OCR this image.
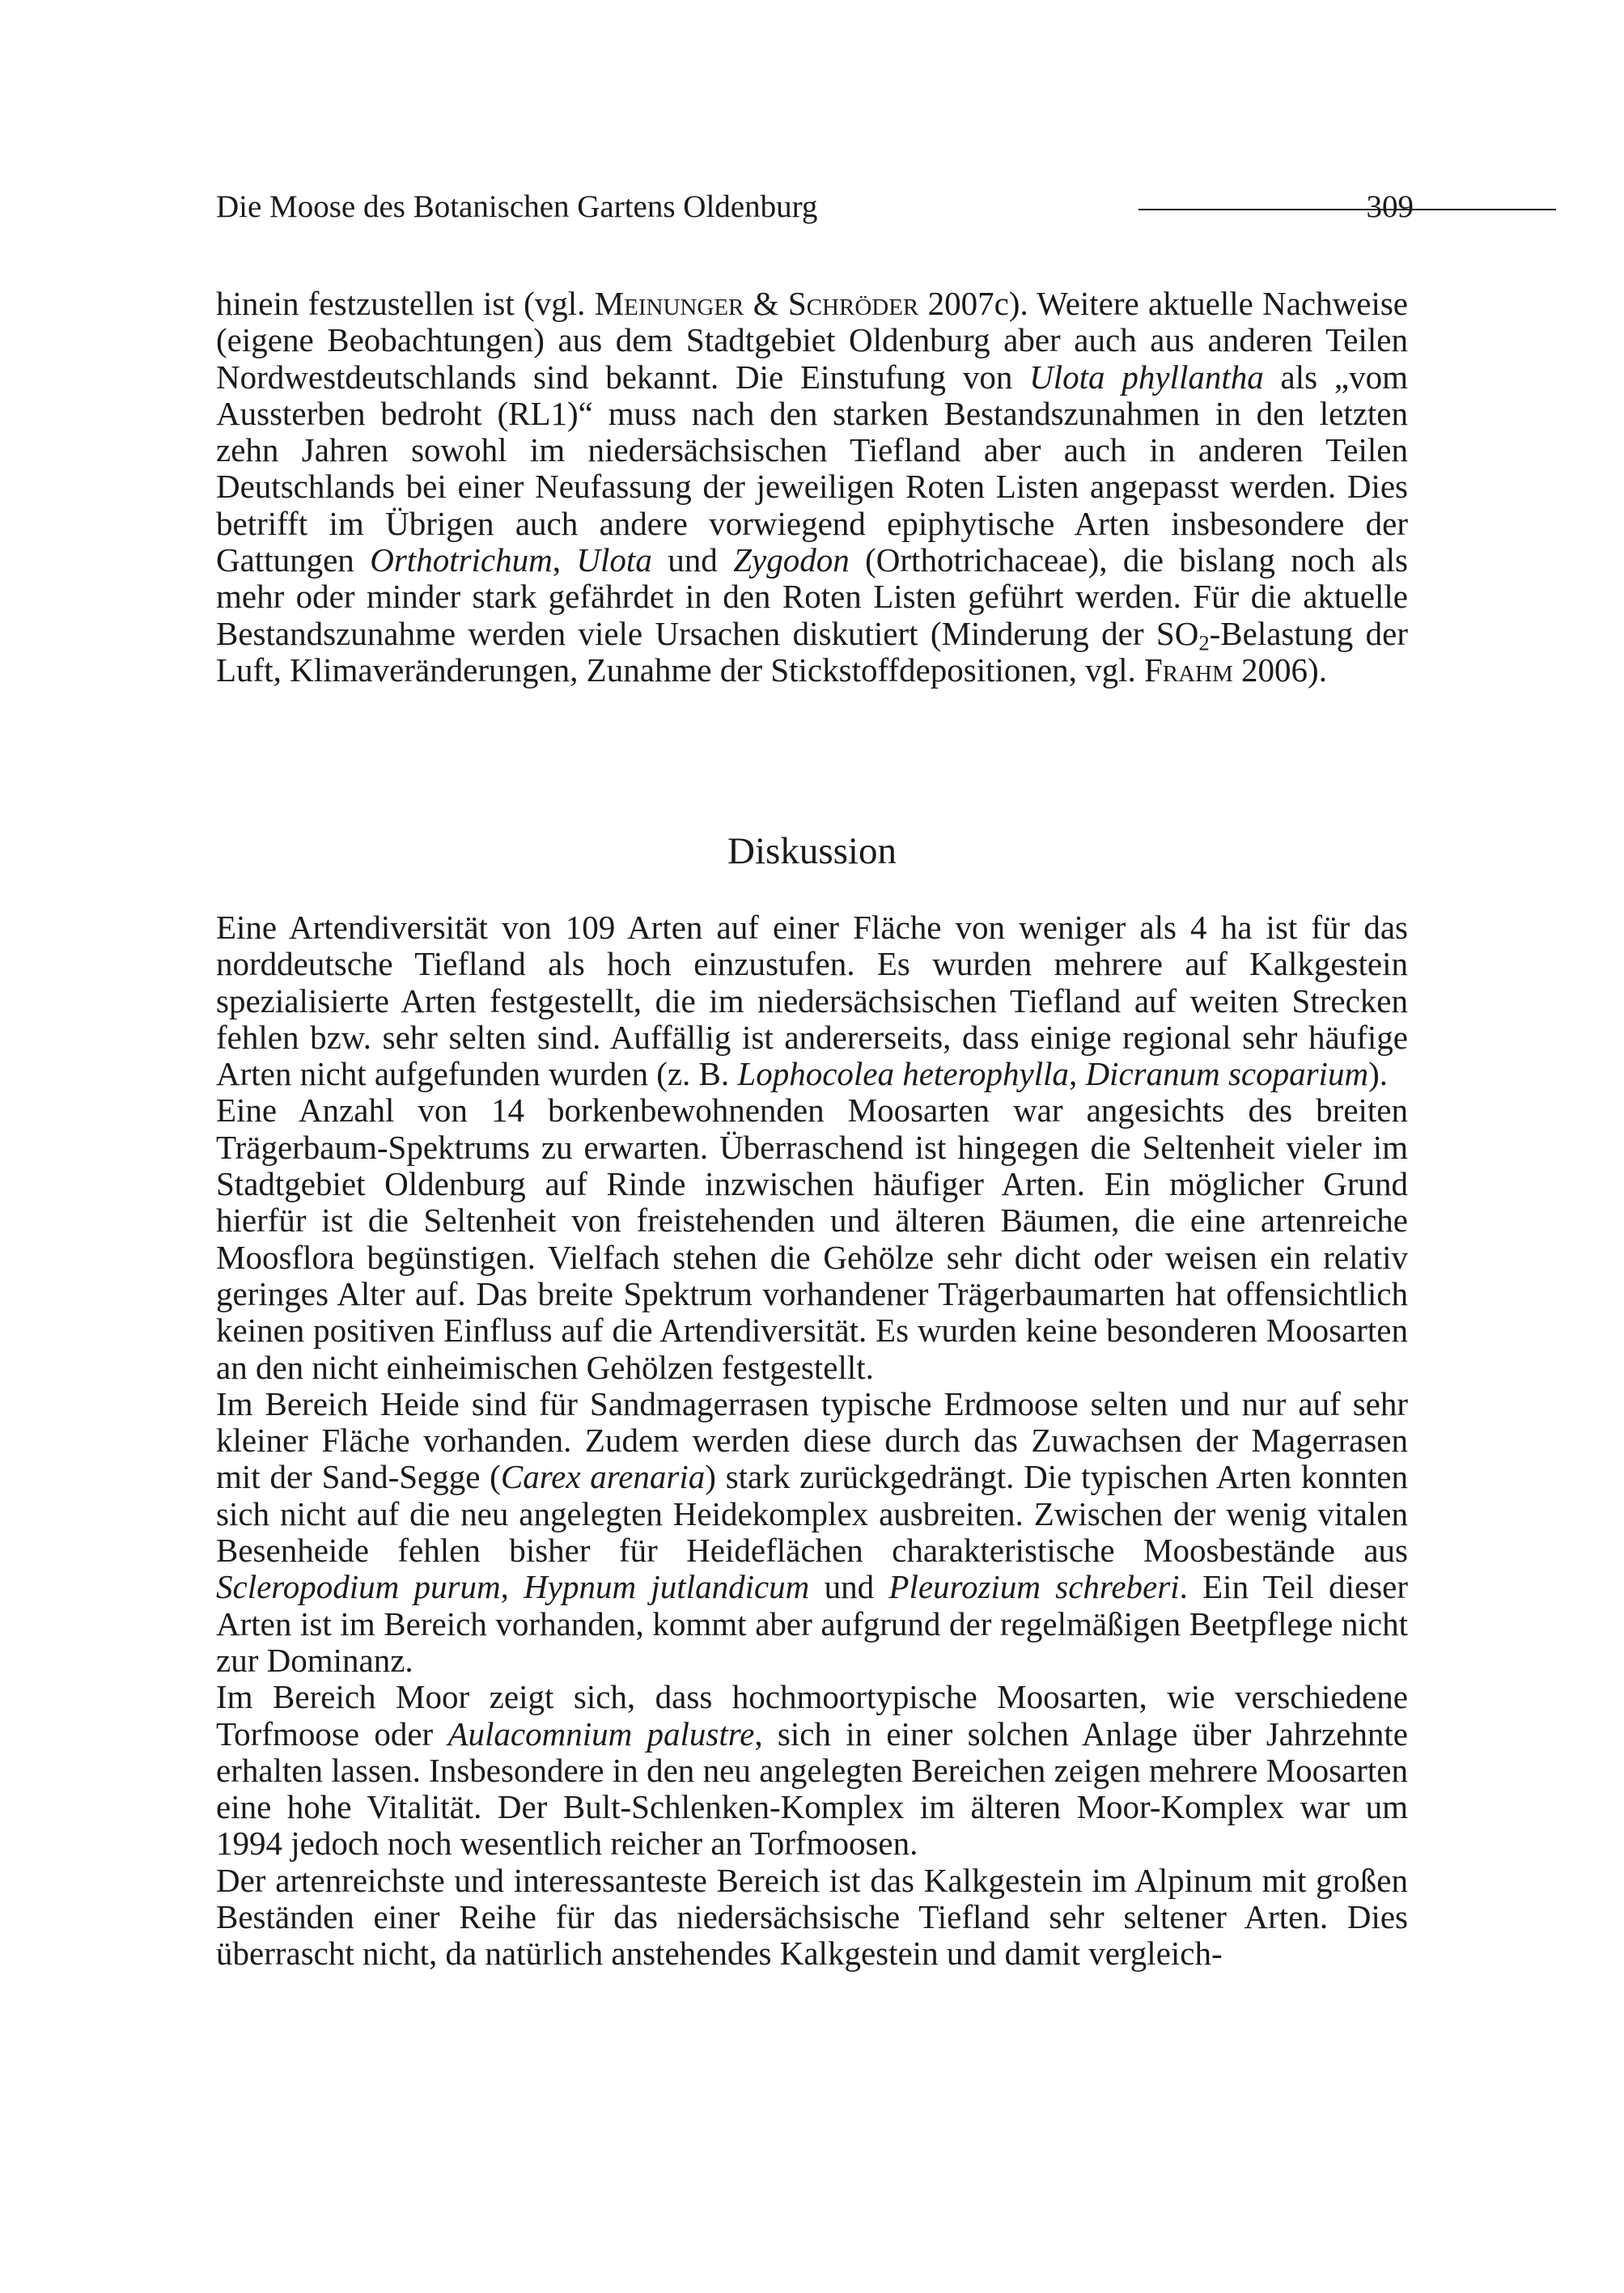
Die Moose des Botanischen Gartens Oldenburg	309

hinein festzustellen ist (vgl. Meinunger & Schröder 2007c). Weitere aktuelle Nachweise (eigene Beobachtungen) aus dem Stadtgebiet Oldenburg aber auch aus anderen Teilen Nordwestdeutschlands sind bekannt. Die Einstufung von Ulota phyllantha als „vom Aussterben bedroht (RL1)“ muss nach den starken Bestandszunahmen in den letzten zehn Jahren sowohl im niedersächsischen Tiefland aber auch in anderen Teilen Deutschlands bei einer Neufassung der jeweiligen Roten Listen angepasst werden. Dies betrifft im Übrigen auch andere vorwiegend epiphytische Arten insbesondere der Gattungen Orthotrichum, Ulota und Zygodon (Orthotrichaceae), die bislang noch als mehr oder minder stark gefährdet in den Roten Listen geführt werden. Für die aktuelle Bestandszunahme werden viele Ursachen diskutiert (Minderung der $SO_2$-Belastung der Luft, Klimaveränderungen, Zunahme der Stickstoffdepositionen, vgl. Frahm 2006).

Diskussion

Eine Artendiversität von 109 Arten auf einer Fläche von weniger als 4 ha ist für das norddeutsche Tiefland als hoch einzustufen. Es wurden mehrere auf Kalkgestein spezialisierte Arten festgestellt, die im niedersächsischen Tiefland auf weiten Strecken fehlen bzw. sehr selten sind. Auffällig ist andererseits, dass einige regional sehr häufige Arten nicht aufgefunden wurden (z. B. Lophocolea heterophylla, Dicranum scoparium).

Eine Anzahl von 14 borkenbewohnenden Moosarten war angesichts des breiten Trägerbaum-Spektrums zu erwarten. Überraschend ist hingegen die Seltenheit vieler im Stadtgebiet Oldenburg auf Rinde inzwischen häufiger Arten. Ein möglicher Grund hierfür ist die Seltenheit von freistehenden und älteren Bäumen, die eine artenreiche Moosflora begünstigen. Vielfach stehen die Gehölze sehr dicht oder weisen ein relativ geringes Alter auf. Das breite Spektrum vorhandener Trägerbaumarten hat offensichtlich keinen positiven Einfluss auf die Artendiversität. Es wurden keine besonderen Moosarten an den nicht einheimischen Gehölzen festgestellt.

Im Bereich Heide sind für Sandmagerrasen typische Erdmoose selten und nur auf sehr kleiner Fläche vorhanden. Zudem werden diese durch das Zuwachsen der Magerrasen mit der Sand-Segge (Carex arenaria) stark zurückgedrängt. Die typischen Arten konnten sich nicht auf die neu angelegten Heidekomplex ausbreiten. Zwischen der wenig vitalen Besenheide fehlen bisher für Heideflächen charakteristische Moosbestände aus Scleropodium purum, Hypnum jutlandicum und Pleurozium schreberi. Ein Teil dieser Arten ist im Bereich vorhanden, kommt aber aufgrund der regelmäßigen Beetpflege nicht zur Dominanz.

Im Bereich Moor zeigt sich, dass hochmoortypische Moosarten, wie verschiedene Torfmoose oder Aulacomnium palustre, sich in einer solchen Anlage über Jahrzehnte erhalten lassen. Insbesondere in den neu angelegten Bereichen zeigen mehrere Moosarten eine hohe Vitalität. Der Bult-Schlenken-Komplex im älteren Moor-Komplex war um 1994 jedoch noch wesentlich reicher an Torfmoosen.

Der artenreichste und interessanteste Bereich ist das Kalkgestein im Alpinum mit großen Beständen einer Reihe für das niedersächsische Tiefland sehr seltener Arten. Dies überrascht nicht, da natürlich anstehendes Kalkgestein und damit vergleich-
